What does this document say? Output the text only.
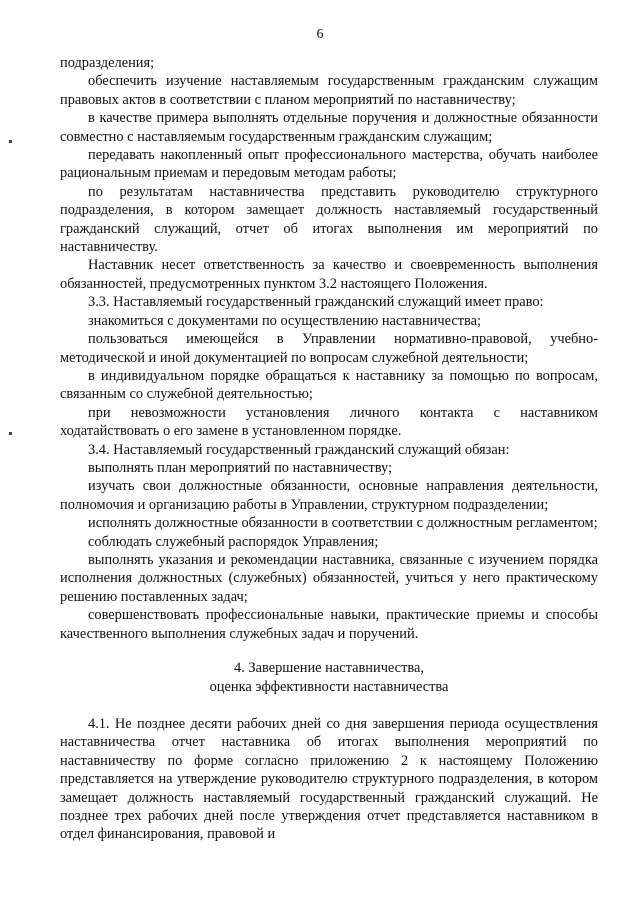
6

подразделения;

обеспечить изучение наставляемым государственным гражданским служащим правовых актов в соответствии с планом мероприятий по наставничеству;

в качестве примера выполнять отдельные поручения и должностные обязанности совместно с наставляемым государственным гражданским служащим;

передавать накопленный опыт профессионального мастерства, обучать наиболее рациональным приемам и передовым методам работы;

по результатам наставничества представить руководителю структурного подразделения, в котором замещает должность наставляемый государственный гражданский служащий, отчет об итогах выполнения им мероприятий по наставничеству.

Наставник несет ответственность за качество и своевременность выполнения обязанностей, предусмотренных пунктом 3.2 настоящего Положения.

3.3. Наставляемый государственный гражданский служащий имеет право:

знакомиться с документами по осуществлению наставничества;

пользоваться имеющейся в Управлении нормативно-правовой, учебно-методической и иной документацией по вопросам служебной деятельности;

в индивидуальном порядке обращаться к наставнику за помощью по вопросам, связанным со служебной деятельностью;

при невозможности установления личного контакта с наставником ходатайствовать о его замене в установленном порядке.

3.4. Наставляемый государственный гражданский служащий обязан:

выполнять план мероприятий по наставничеству;

изучать свои должностные обязанности, основные направления деятельности, полномочия и организацию работы в Управлении, структурном подразделении;

исполнять должностные обязанности в соответствии с должностным регламентом;

соблюдать служебный распорядок Управления;

выполнять указания и рекомендации наставника, связанные с изучением порядка исполнения должностных (служебных) обязанностей, учиться у него практическому решению поставленных задач;

совершенствовать профессиональные навыки, практические приемы и способы качественного выполнения служебных задач и поручений.

4. Завершение наставничества,
оценка эффективности наставничества

4.1. Не позднее десяти рабочих дней со дня завершения периода осуществления наставничества отчет наставника об итогах выполнения мероприятий по наставничеству по форме согласно приложению 2 к настоящему Положению представляется на утверждение руководителю структурного подразделения, в котором замещает должность наставляемый государственный гражданский служащий. Не позднее трех рабочих дней после утверждения отчет представляется наставником в отдел финансирования, правовой и
